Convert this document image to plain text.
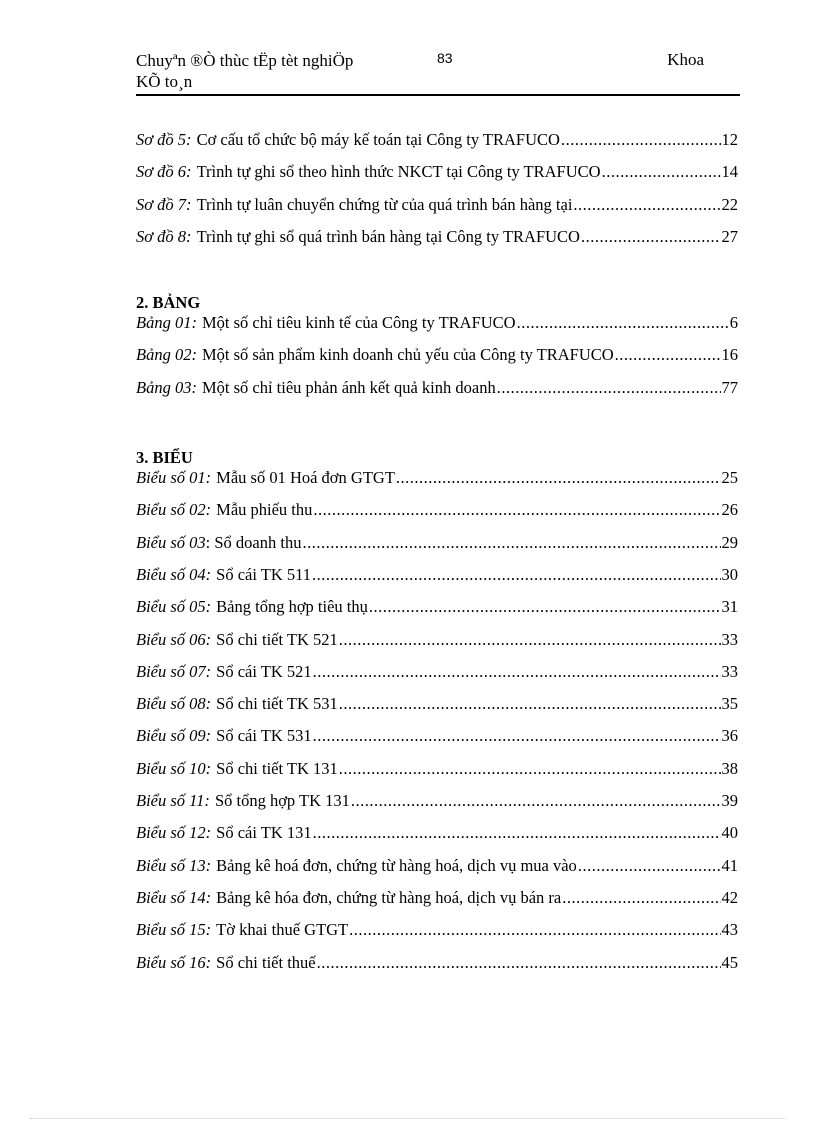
Chuyªn ®Ò thùc tËp tèt nghiÖp
KÕ to¸n
83	Khoa
Sơ đồ 5: Cơ cấu tổ chức bộ máy kế toán tại Công ty TRAFUCO .....	12
Sơ đồ 6: Trình tự ghi sổ theo hình thức NKCT tại Công ty TRAFUCO .....	14
Sơ đồ 7: Trình tự luân chuyển chứng từ của quá trình bán hàng tại .....	22
Sơ đồ 8: Trình tự ghi sổ quá trình bán hàng tại Công ty TRAFUCO .....	27
2. BẢNG
Bảng 01: Một số chỉ tiêu kinh tế của Công ty TRAFUCO .....	6
Bảng 02: Một số sản phẩm kinh doanh chủ yếu của Công ty TRAFUCO .....	16
Bảng 03: Một số chỉ tiêu phản ánh kết quả kinh doanh .....	77
3. BIỂU
Biểu số 01: Mẫu số 01 Hoá đơn GTGT .....	25
Biểu số 02: Mẫu phiếu thu .....	26
Biểu số 03 : Sổ doanh thu .....	29
Biểu số 04: Sổ cái TK 511 .....	30
Biểu số 05: Bảng tổng hợp tiêu thụ .....	31
Biểu số 06: Sổ chi tiết TK 521 .....	33
Biểu số 07: Sổ cái TK 521 .....	33
Biểu số 08: Sổ chi tiết TK 531 .....	35
Biểu số 09: Sổ cái TK 531 .....	36
Biểu số 10: Sổ chi tiết TK 131 .....	38
Biểu số 11: Sổ tổng hợp TK 131 .....	39
Biểu số 12: Sổ cái TK 131 .....	40
Biểu số 13: Bảng kê hoá đơn, chứng từ hàng hoá, dịch vụ mua vào .....	41
Biểu số 14: Bảng kê hóa đơn, chứng từ hàng hoá, dịch vụ bán ra .....	42
Biểu số 15: Tờ khai thuế GTGT .....	43
Biểu số 16: Sổ chi tiết thuế .....	45
